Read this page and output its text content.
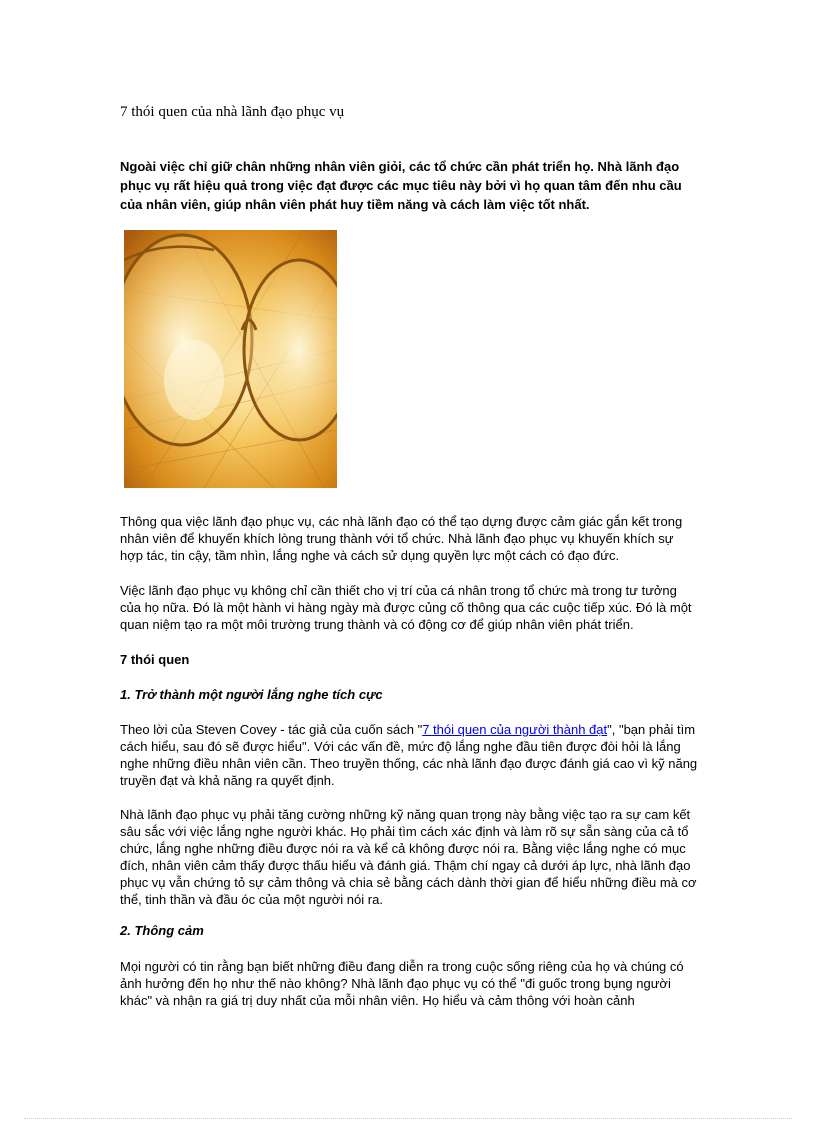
7 thói quen của nhà lãnh đạo phục vụ

Ngoài việc chỉ giữ chân những nhân viên giỏi, các tổ chức cần phát triển họ. Nhà lãnh đạo phục vụ rất hiệu quả trong việc đạt được các mục tiêu này bởi vì họ quan tâm đến nhu cầu của nhân viên, giúp nhân viên phát huy tiềm năng và cách làm việc tốt nhất.

Thông qua việc lãnh đạo phục vụ, các nhà lãnh đạo có thể tạo dựng được cảm giác gắn kết trong nhân viên để khuyến khích lòng trung thành với tổ chức. Nhà lãnh đạo phục vụ khuyến khích sự hợp tác, tin cậy, tầm nhìn, lắng nghe và cách sử dụng quyền lực một cách có đạo đức.

Việc lãnh đạo phục vụ không chỉ cần thiết cho vị trí của cá nhân trong tổ chức mà trong tư tưởng của họ nữa. Đó là một hành vi hàng ngày mà được củng cố thông qua các cuộc tiếp xúc. Đó là một quan niệm tạo ra một môi trường trung thành và có động cơ để giúp nhân viên phát triển.

7 thói quen
1. Trở thành một người lắng nghe tích cực

Theo lời của Steven Covey - tác giả của cuốn sách "7 thói quen của người thành đạt", "bạn phải tìm cách hiểu, sau đó sẽ được hiểu". Với các vấn đề, mức độ lắng nghe đầu tiên được đòi hỏi là lắng nghe những điều nhân viên cần. Theo truyền thống, các nhà lãnh đạo được đánh giá cao vì kỹ năng truyền đạt và khả năng ra quyết định.

Nhà lãnh đạo phục vụ phải tăng cường những kỹ năng quan trọng này bằng việc tạo ra sự cam kết sâu sắc với việc lắng nghe người khác. Họ phải tìm cách xác định và làm rõ sự sẵn sàng của cả tổ chức, lắng nghe những điều được nói ra và kể cả không được nói ra. Bằng việc lắng nghe có mục đích, nhân viên cảm thấy được thấu hiểu và đánh giá. Thậm chí ngay cả dưới áp lực, nhà lãnh đạo phục vụ vẫn chứng tỏ sự cảm thông và chia sẻ bằng cách dành thời gian để hiểu những điều mà cơ thể, tinh thần và đầu óc của một người nói ra.

2. Thông cảm

Mọi người có tin rằng bạn biết những điều đang diễn ra trong cuộc sống riêng của họ và chúng có ảnh hưởng đến họ như thế nào không? Nhà lãnh đạo phục vụ có thể "đi guốc trong bụng người khác" và nhận ra giá trị duy nhất của mỗi nhân viên. Họ hiểu và cảm thông với hoàn cảnh
